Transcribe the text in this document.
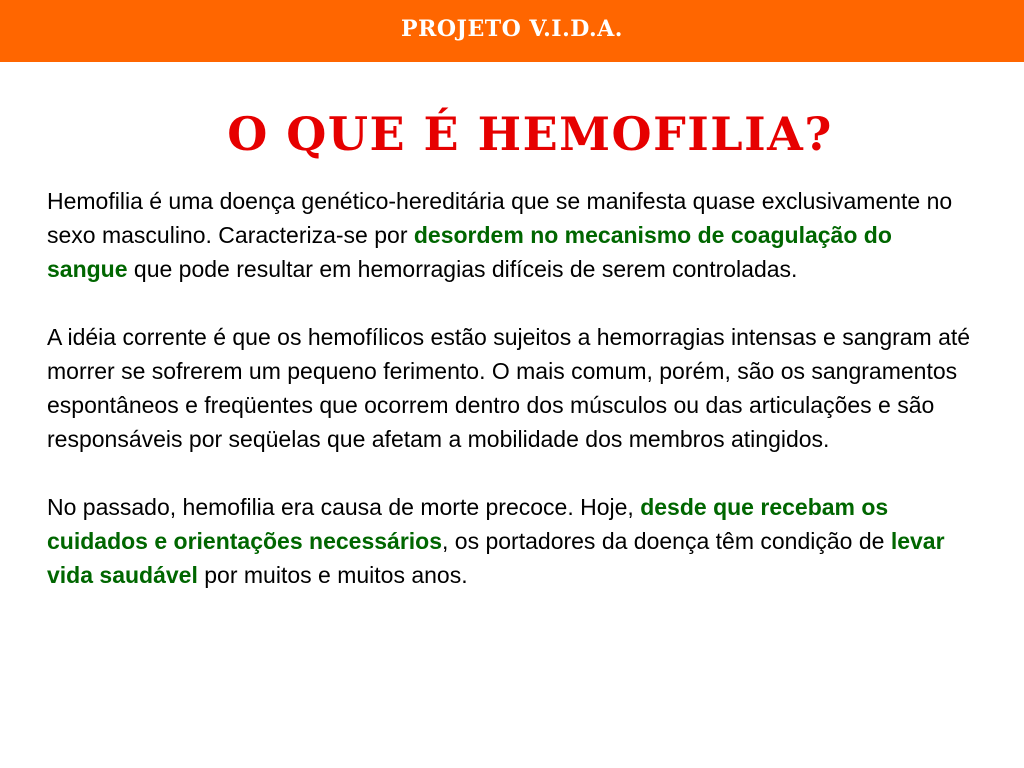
PROJETO V.I.D.A.
O QUE É HEMOFILIA?

Hemofilia é uma doença genético-hereditária que se manifesta quase exclusivamente no sexo masculino. Caracteriza-se por desordem no mecanismo de coagulação do sangue que pode resultar em hemorragias difíceis de serem controladas.

A idéia corrente é que os hemofílicos estão sujeitos a hemorragias intensas e sangram até morrer se sofrerem um pequeno ferimento. O mais comum, porém, são os sangramentos espontâneos e freqüentes que ocorrem dentro dos músculos ou das articulações e são responsáveis por seqüelas que afetam a mobilidade dos membros atingidos.

No passado, hemofilia era causa de morte precoce. Hoje, desde que recebam os cuidados e orientações necessários, os portadores da doença têm condição de levar vida saudável por muitos e muitos anos.
